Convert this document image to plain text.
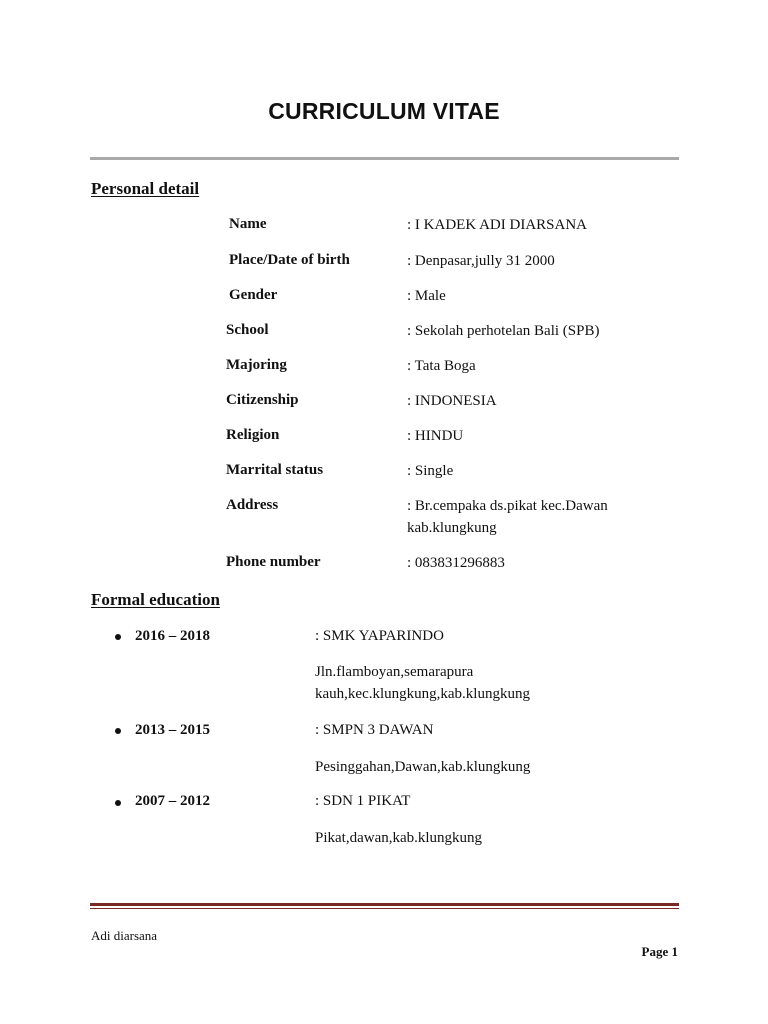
CURRICULUM VITAE
Personal detail
Name	: I KADEK ADI DIARSANA
Place/Date of birth	: Denpasar,jully 31 2000
Gender	: Male
School	: Sekolah perhotelan Bali (SPB)
Majoring	: Tata Boga
Citizenship	: INDONESIA
Religion	: HINDU
Marrital status	: Single
Address	: Br.cempaka ds.pikat kec.Dawan
kab.klungkung
Phone number	: 083831296883
Formal education
2016 – 2018	: SMK YAPARINDO
Jln.flamboyan,semarapura
kauh,kec.klungkung,kab.klungkung
2013 – 2015	: SMPN 3 DAWAN
Pesinggahan,Dawan,kab.klungkung
2007 – 2012	: SDN 1 PIKAT
Pikat,dawan,kab.klungkung
Adi diarsana
Page 1
